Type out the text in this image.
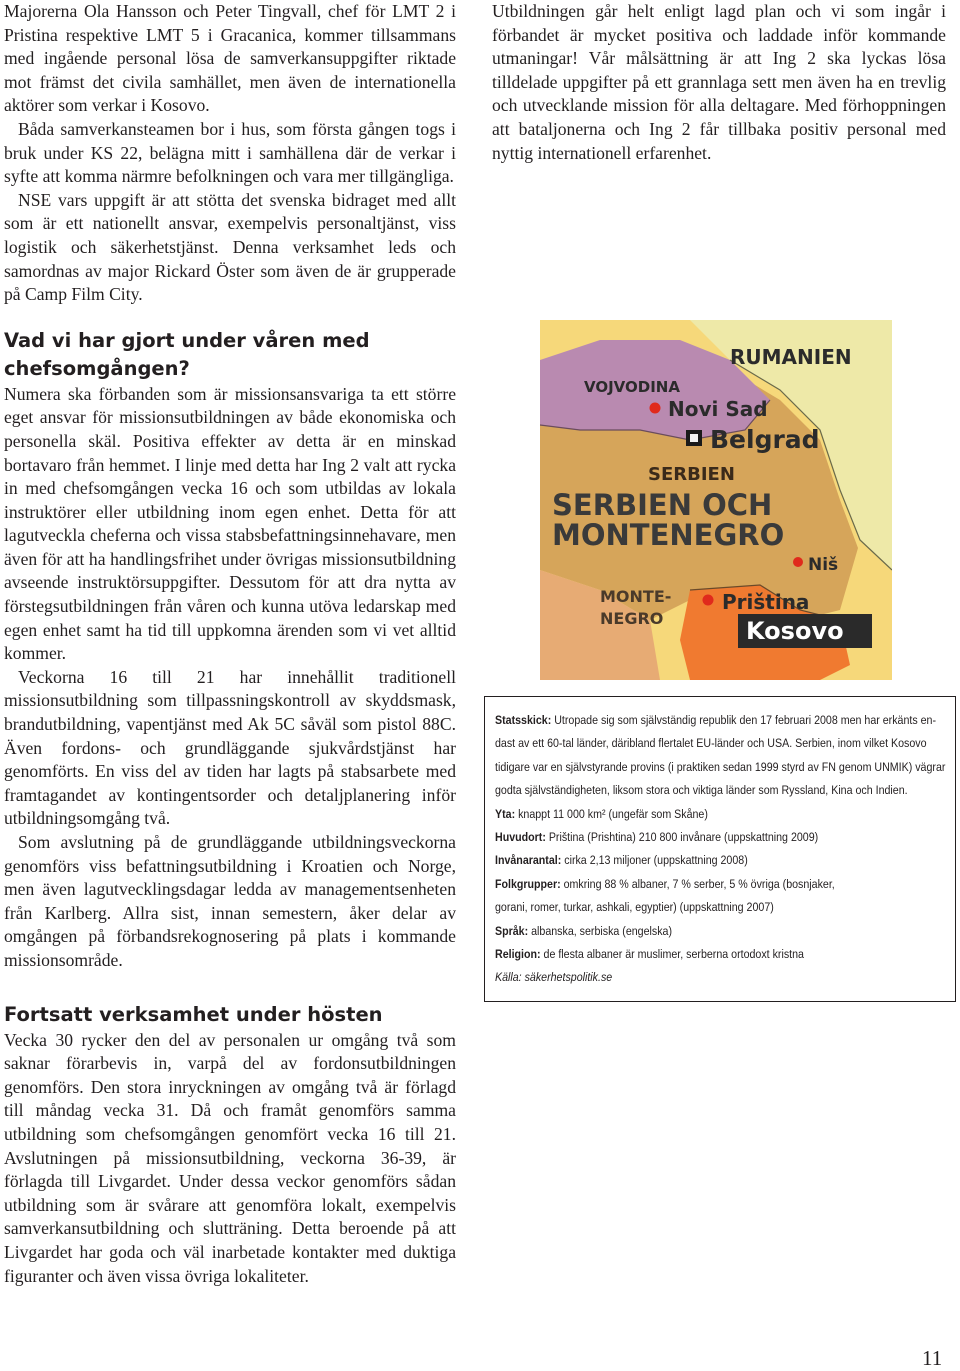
Majorerna Ola Hansson och Peter Tingvall, chef för LMT 2 i Pristina respektive LMT 5 i Gracanica, kommer tillsammans med ingående personal lösa de samverkansuppgifter riktade mot främst det civila samhället, men även de internationella aktörer som verkar i Kosovo.

Båda samverkansteamen bor i hus, som första gången togs i bruk under KS 22, belägna mitt i samhällena där de verkar i syfte att komma närmre befolkningen och vara mer tillgängliga.

NSE vars uppgift är att stötta det svenska bidraget med allt som är ett nationellt ansvar, exempelvis personaltjänst, viss logistik och säkerhetstjänst. Denna verksamhet leds och samordnas av major Rickard Öster som även de är grupperade på Camp Film City.

Vad vi har gjort under våren med chefsomgången?

Numera ska förbanden som är missionsansvariga ta ett större eget ansvar för missionsutbildningen av både ekonomiska och personella skäl. Positiva effekter av detta är en minskad bortavaro från hemmet. I linje med detta har Ing 2 valt att rycka in med chefsomgången vecka 16 och som utbildas av lokala instruktörer eller utbildning inom egen enhet. Detta för att lagutveckla cheferna och vissa stabsbefattningsinnehavare, men även för att ha handlingsfrihet under övrigas missionsutbildning avseende instruktörsuppgifter. Dessutom för att dra nytta av förstegsutbildningen från våren och kunna utöva ledarskap med egen enhet samt ha tid till uppkomna ärenden som vi vet alltid kommer.

Veckorna 16 till 21 har innehållit traditionell missionsutbildning som tillpassningskontroll av skyddsmask, brandutbildning, vapentjänst med Ak 5C såväl som pistol 88C. Även fordons- och grundläggande sjukvårdstjänst har genomförts. En viss del av tiden har lagts på stabsarbete med framtagandet av kontingentsorder och detaljplanering inför utbildningsomgång två.

Som avslutning på de grundläggande utbildningsveckorna genomförs viss befattningsutbildning i Kroatien och Norge, men även lagutvecklingsdagar ledda av managementsenheten från Karlberg. Allra sist, innan semestern, åker delar av omgången på förbandsrekognosering på plats i kommande missionsområde.

Fortsatt verksamhet under hösten

Vecka 30 rycker den del av personalen ur omgång två som saknar förarbevis in, varpå del av fordonsutbildningen genomförs. Den stora inryckningen av omgång två är förlagd till måndag vecka 31. Då och framåt genomförs samma utbildning som chefsomgången genomfört vecka 16 till 21. Avslutningen på missionsutbildning, veckorna 36-39, är förlagda till Livgardet. Under dessa veckor genomförs sådan utbildning som är svårare att genomföra lokalt, exempelvis samverkansutbildning och slutträning. Detta beroende på att Livgardet har goda och väl inarbetade kontakter med duktiga figuranter och även vissa övriga lokaliteter.

Utbildningen går helt enligt lagd plan och vi som ingår i förbandet är mycket positiva och laddade inför kommande utmaningar! Vår målsättning är att Ing 2 ska lyckas lösa tilldelade uppgifter på ett grannlaga sett men även ha en trevlig och utvecklande mission för alla deltagare. Med förhoppningen att bataljonerna och Ing 2 får tillbaka positiv personal med nyttig internationell erfarenhet.

RUMANIEN
VOJVODINA
Novi Sad
Belgrad
SERBIEN
SERBIEN OCH
MONTENEGRO
Niš
MONTE-
NEGRO
Priština
Kosovo
Statsskick: Utropade sig som självständig republik den 17 februari 2008 men har erkänts en-
dast av ett 60-tal länder, däribland flertalet EU-länder och USA. Serbien, inom vilket Kosovo
tidigare var en självstyrande provins (i praktiken sedan 1999 styrd av FN genom UNMIK) vägrar
godta självständigheten, liksom stora och viktiga länder som Ryssland, Kina och Indien.
Yta: knappt 11 000 km² (ungefär som Skåne)
Huvudort: Priština (Prishtina) 210 800 invånare (uppskattning 2009)
Invånarantal: cirka 2,13 miljoner (uppskattning 2008)
Folkgrupper: omkring 88 % albaner, 7 % serber, 5 % övriga (bosnjaker,
gorani, romer, turkar, ashkali, egyptier) (uppskattning 2007)
Språk: albanska, serbiska (engelska)
Religion: de flesta albaner är muslimer, serberna ortodoxt kristna
Källa: säkerhetspolitik.se
11
